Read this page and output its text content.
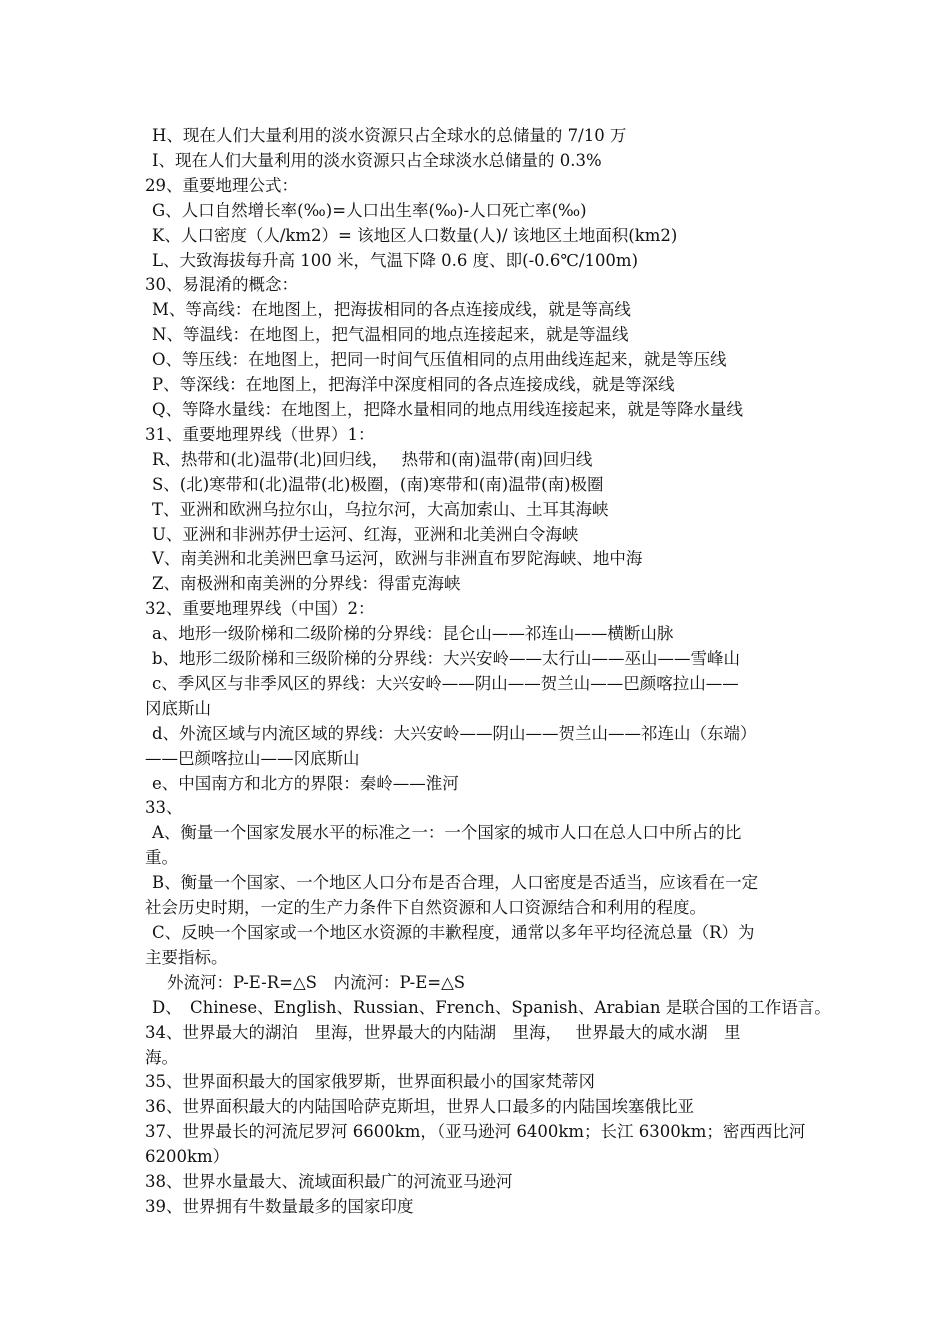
H、现在人们大量利用的淡水资源只占全球水的总储量的 7/10 万
I、现在人们大量利用的淡水资源只占全球淡水总储量的 0.3%
29、重要地理公式：
G、人口自然增长率(‰)=人口出生率(‰)-人口死亡率(‰)
K、人口密度（人/km2）= 该地区人口数量(人)/ 该地区土地面积(km2)
L、大致海拔每升高 100 米，气温下降 0.6 度、即(-0.6℃/100m)
30、易混淆的概念：
M、等高线：在地图上，把海拔相同的各点连接成线，就是等高线
N、等温线：在地图上，把气温相同的地点连接起来，就是等温线
O、等压线：在地图上，把同一时间气压值相同的点用曲线连起来，就是等压线
P、等深线：在地图上，把海洋中深度相同的各点连接成线，就是等深线
Q、等降水量线：在地图上，把降水量相同的地点用线连接起来，就是等降水量线
31、重要地理界线（世界）1：
R、热带和(北)温带(北)回归线，　 热带和(南)温带(南)回归线
S、(北)寒带和(北)温带(北)极圈，(南)寒带和(南)温带(南)极圈
T、亚洲和欧洲乌拉尔山，乌拉尔河，大高加索山、土耳其海峡
U、亚洲和非洲苏伊士运河、红海，亚洲和北美洲白令海峡
V、南美洲和北美洲巴拿马运河，欧洲与非洲直布罗陀海峡、地中海
Z、南极洲和南美洲的分界线：得雷克海峡
32、重要地理界线（中国）2：
a、地形一级阶梯和二级阶梯的分界线：昆仑山——祁连山——横断山脉
b、地形二级阶梯和三级阶梯的分界线：大兴安岭——太行山——巫山——雪峰山
c、季风区与非季风区的界线：大兴安岭——阴山——贺兰山——巴颜喀拉山——
冈底斯山
d、外流区域与内流区域的界线：大兴安岭——阴山——贺兰山——祁连山（东端）
——巴颜喀拉山——冈底斯山
e、中国南方和北方的界限：秦岭——淮河
33、
A、衡量一个国家发展水平的标准之一：一个国家的城市人口在总人口中所占的比
重。
B、衡量一个国家、一个地区人口分布是否合理，人口密度是否适当，应该看在一定
社会历史时期，一定的生产力条件下自然资源和人口资源结合和利用的程度。
C、反映一个国家或一个地区水资源的丰歉程度，通常以多年平均径流总量（R）为
主要指标。
外流河：P-E-R=△S　内流河：P-E=△S
D、　Chinese、English、Russian、French、Spanish、Arabian 是联合国的工作语言。
34、世界最大的湖泊　里海，世界最大的内陆湖　里海，　 世界最大的咸水湖　里
海。
35、世界面积最大的国家俄罗斯，世界面积最小的国家梵蒂冈
36、世界面积最大的内陆国哈萨克斯坦，世界人口最多的内陆国埃塞俄比亚
37、世界最长的河流尼罗河 6600km，（亚马逊河 6400km；长江 6300km；密西西比河
6200km）
38、世界水量最大、流域面积最广的河流亚马逊河
39、世界拥有牛数量最多的国家印度
